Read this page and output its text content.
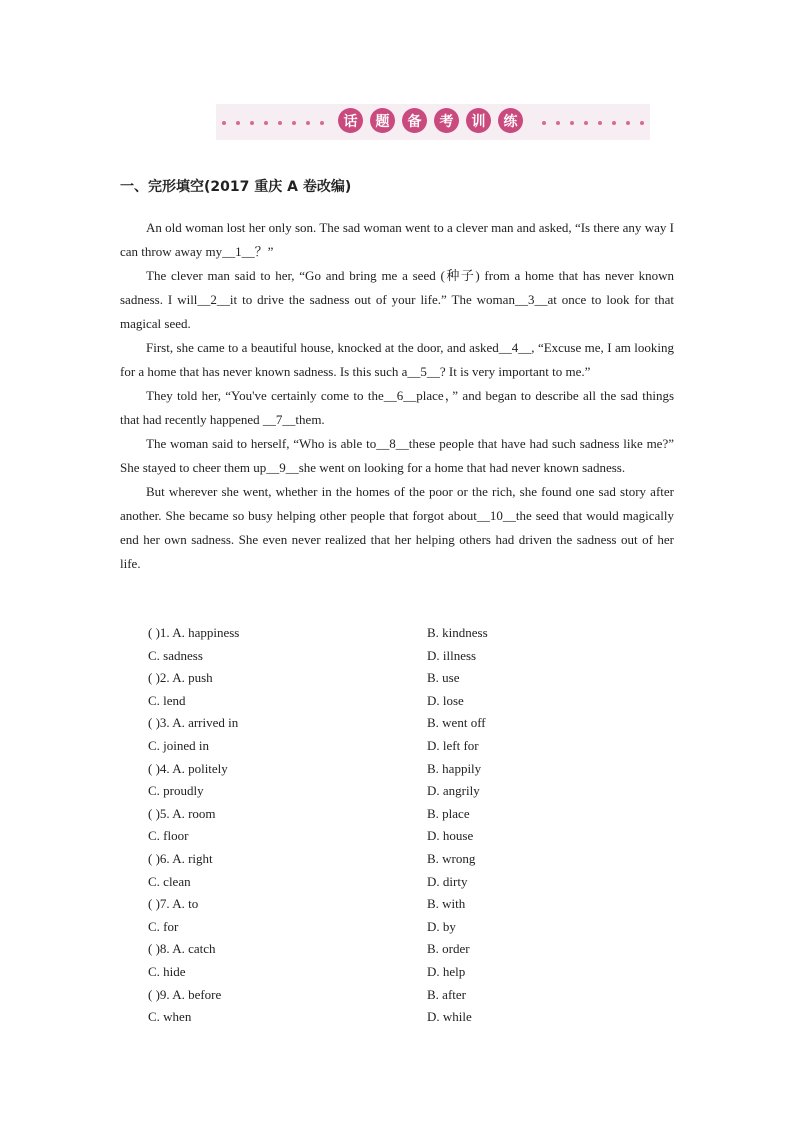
话	题	备	考	训	练
一、完形填空(2017 重庆 A 卷改编)

An old woman lost her only son. The sad woman went to a clever man and asked, “Is there any way I can throw away my__1__？”

The clever man said to her, “Go and bring me a seed (种子) from a home that has never known sadness. I will__2__it to drive the sadness out of your life.” The woman__3__at once to look for that magical seed.

First, she came to a beautiful house, knocked at the door, and asked__4__, “Excuse me, I am looking for a home that has never known sadness. Is this such a__5__? It is very important to me.”

They told her, “You've certainly come to the__6__place，” and began to describe all the sad things that had recently happened __7__them.

The woman said to herself, “Who is able to__8__these people that have had such sadness like me?” She stayed to cheer them up__9__she went on looking for a home that had never known sadness.

But wherever she went, whether in the homes of the poor or the rich, she found one sad story after another. She became so busy helping other people that forgot about__10__the seed that would magically end her own sadness. She even never realized that her helping others had driven the sadness out of her life.

( )1. A. happiness	B. kindness
C. sadness	D. illness
( )2. A. push	B. use
C. lend	D. lose
( )3. A. arrived in	B. went off
C. joined in	D. left for
( )4. A. politely	B. happily
C. proudly	D. angrily
( )5. A. room	B. place
C. floor	D. house
( )6. A. right	B. wrong
C. clean	D. dirty
( )7. A. to	B. with
C. for	D. by
( )8. A. catch	B. order
C. hide	D. help
( )9. A. before	B. after
C. when	D. while
